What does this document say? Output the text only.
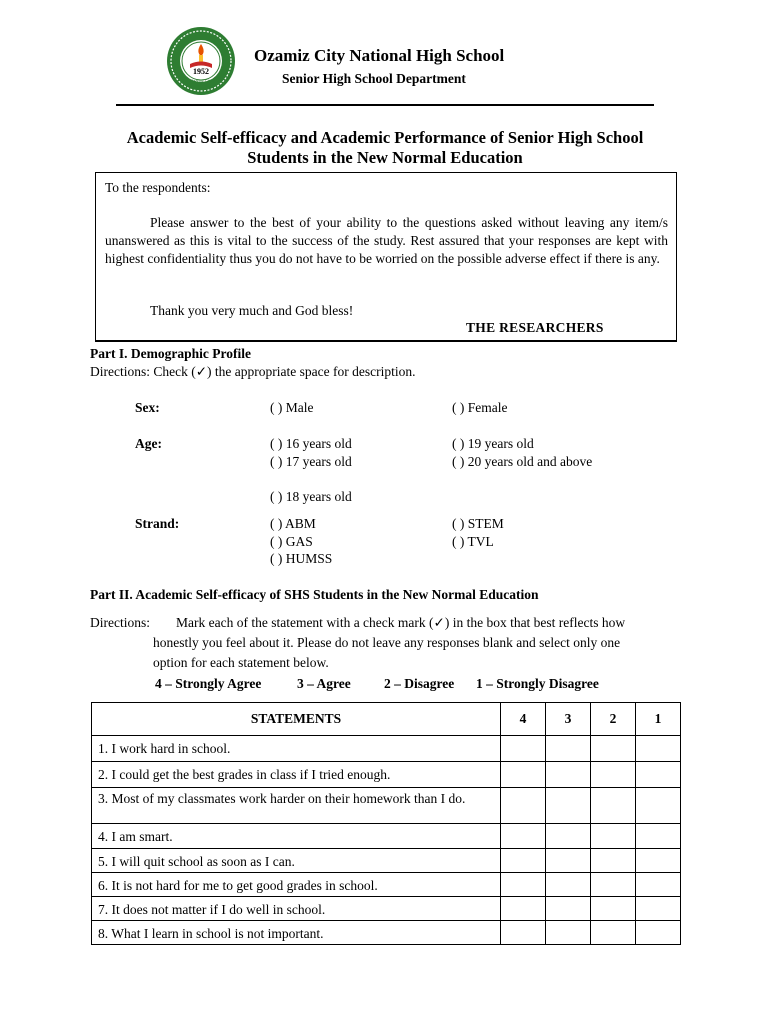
1952
Ozamiz City
Ozamiz City National High School
Senior High School Department
Academic Self-efficacy and Academic Performance of Senior High School
Students in the New Normal Education
To the respondents:
Please answer to the best of your ability to the questions asked without leaving any item/s unanswered as this is vital to the success of the study. Rest assured that your responses are kept with highest confidentiality thus you do not have to be worried on the possible adverse effect if there is any.
Thank you very much and God bless!
THE RESEARCHERS
Part I. Demographic Profile
Directions: Check (✓) the appropriate space for description.
Sex:	( ) Male	( ) Female
Age:	( ) 16 years old	( ) 19 years old
( ) 17 years old	( ) 20 years old and above
( ) 18 years old
Strand:	( ) ABM	( ) STEM
( ) GAS	( ) TVL
( ) HUMSS
Part II. Academic Self-efficacy of SHS Students in the New Normal Education
Directions: Mark each of the statement with a check mark (✓) in the box that best reflects how
honestly you feel about it. Please do not leave any responses blank and select only one
option for each statement below.
4 – Strongly Agree	3 – Agree 2 – Disagree 1 – Strongly Disagree
STATEMENTS	4	3	2	1
1. I work hard in school.				
2. I could get the best grades in class if I tried enough.				
3. Most of my classmates work harder on their homework than I do.				
4. I am smart.				
5. I will quit school as soon as I can.				
6. It is not hard for me to get good grades in school.				
7. It does not matter if I do well in school.				
8. What I learn in school is not important.				
